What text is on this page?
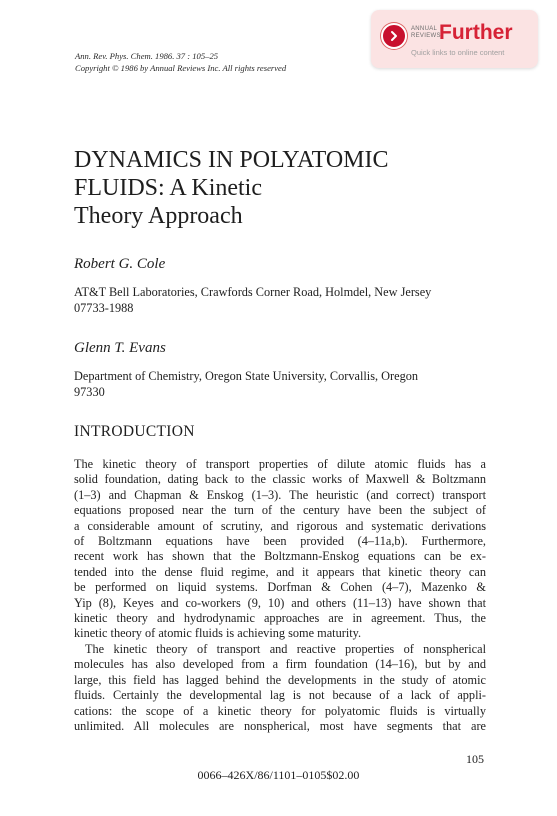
Ann. Rev. Phys. Chem. 1986. 37 : 105–25
Copyright © 1986 by Annual Reviews Inc. All rights reserved
ANNUAL REVIEWS
Further
Quick links to online content
DYNAMICS IN POLYATOMIC
FLUIDS: A Kinetic
Theory Approach
Robert G. Cole
AT&T Bell Laboratories, Crawfords Corner Road, Holmdel, New Jersey
07733-1988
Glenn T. Evans
Department of Chemistry, Oregon State University, Corvallis, Oregon
97330
INTRODUCTION
The kinetic theory of transport properties of dilute atomic fluids has a
solid foundation, dating back to the classic works of Maxwell & Boltzmann
(1–3) and Chapman & Enskog (1–3). The heuristic (and correct) transport
equations proposed near the turn of the century have been the subject of
a considerable amount of scrutiny, and rigorous and systematic derivations
of Boltzmann equations have been provided (4–11a,b). Furthermore,
recent work has shown that the Boltzmann-Enskog equations can be ex-
tended into the dense fluid regime, and it appears that kinetic theory can
be performed on liquid systems. Dorfman & Cohen (4–7), Mazenko &
Yip (8), Keyes and co-workers (9, 10) and others (11–13) have shown that
kinetic theory and hydrodynamic approaches are in agreement. Thus, the
kinetic theory of atomic fluids is achieving some maturity.
The kinetic theory of transport and reactive properties of nonspherical
molecules has also developed from a firm foundation (14–16), but by and
large, this field has lagged behind the developments in the study of atomic
fluids. Certainly the developmental lag is not because of a lack of appli-
cations: the scope of a kinetic theory for polyatomic fluids is virtually
unlimited. All molecules are nonspherical, most have segments that are
105
0066–426X/86/1101–0105$02.00
